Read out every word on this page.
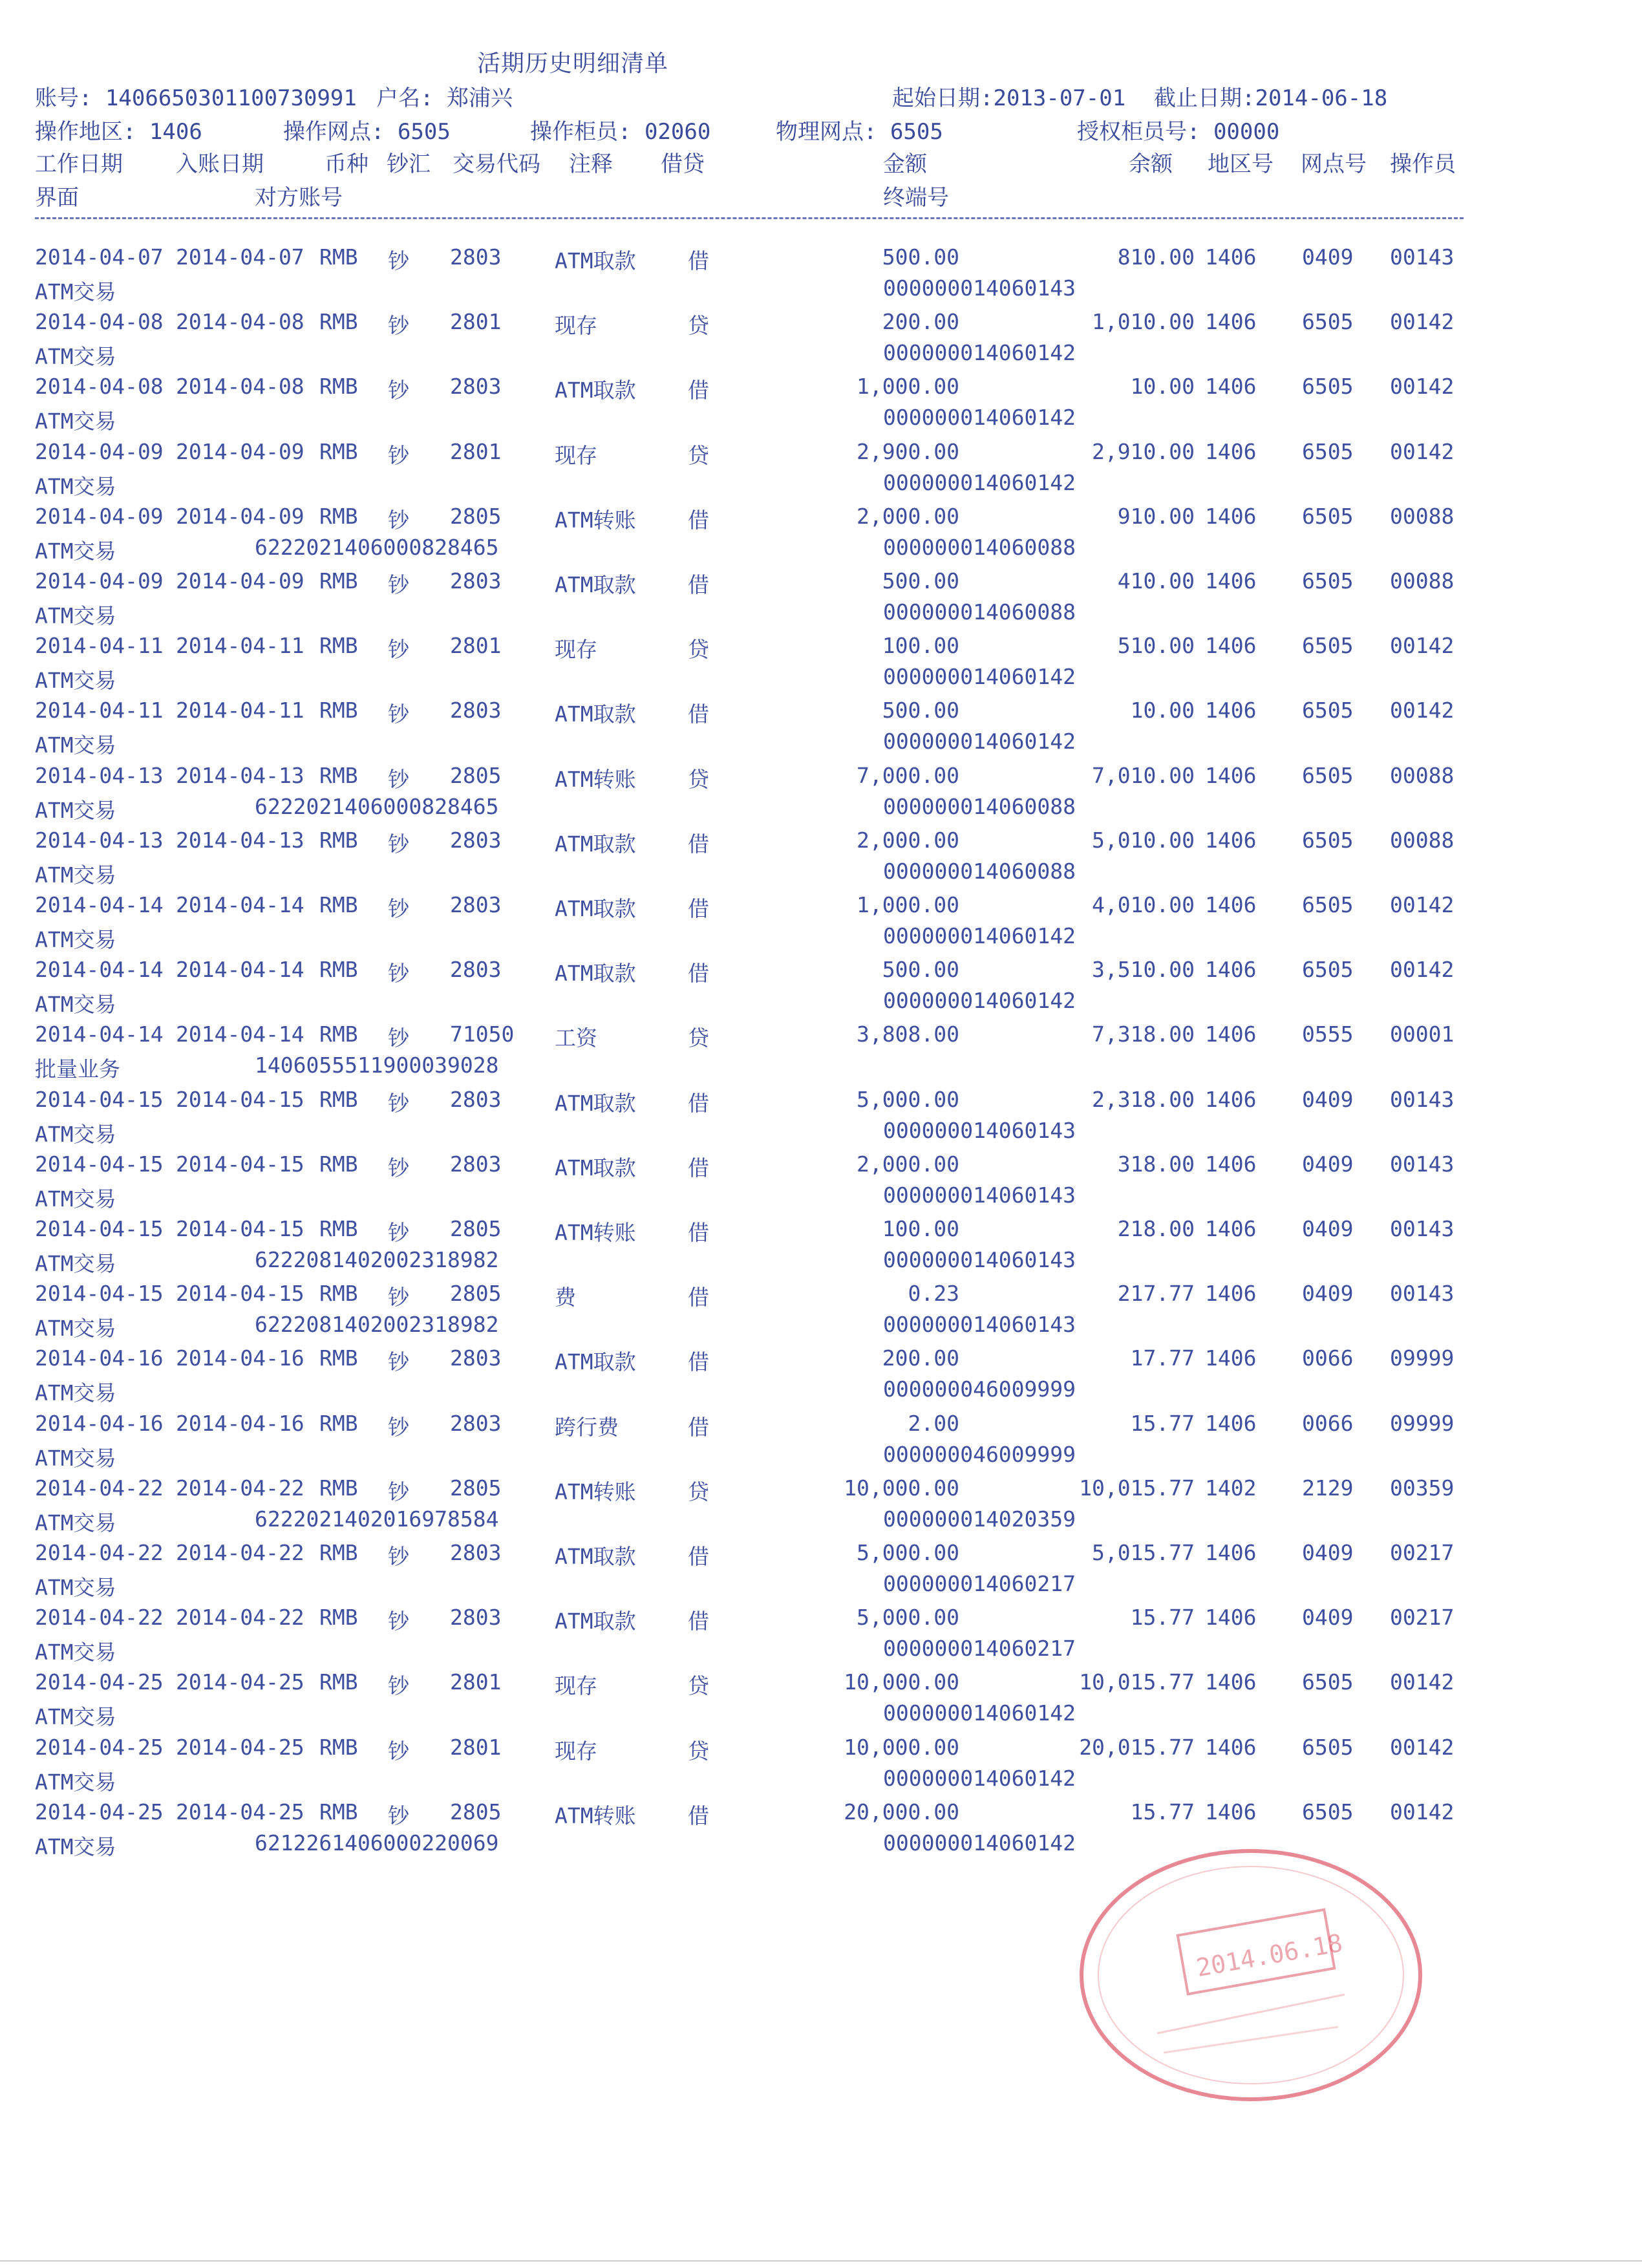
活期历史明细清单
账号: 1406650301100730991 户名: 郑浦兴	起始日期:2013-07-01 截止日期:2014-06-18
操作地区: 1406	操作网点: 6505	操作柜员: 02060	物理网点: 6505	授权柜员号: 00000
工作日期 入账日期	币种 钞汇 交易代码 注释 借贷	金额	余额 地区号 网点号 操作员
界面	对方账号	终端号
2014-04-07 2014-04-07 RMB 钞 2803	ATM取款 借	500.00	810.00 1406 0409 00143
ATM交易	000000014060143
2014-04-08 2014-04-08 RMB 钞 2801	现存	贷	200.00	1,010.00 1406 6505 00142
ATM交易	000000014060142
2014-04-08 2014-04-08 RMB 钞 2803	ATM取款 借	1,000.00	10.00 1406 6505 00142
ATM交易	000000014060142
2014-04-09 2014-04-09 RMB 钞 2801	现存	贷	2,900.00	2,910.00 1406 6505 00142
ATM交易	000000014060142
2014-04-09 2014-04-09 RMB 钞 2805	ATM转账 借	2,000.00	910.00 1406 6505 00088
ATM交易	6222021406000828465	000000014060088
2014-04-09 2014-04-09 RMB 钞 2803	ATM取款 借	500.00	410.00 1406 6505 00088
ATM交易	000000014060088
2014-04-11 2014-04-11 RMB 钞 2801	现存	贷	100.00	510.00 1406 6505 00142
ATM交易	000000014060142
2014-04-11 2014-04-11 RMB 钞 2803	ATM取款 借	500.00	10.00 1406 6505 00142
ATM交易	000000014060142
2014-04-13 2014-04-13 RMB 钞 2805	ATM转账 贷	7,000.00	7,010.00 1406 6505 00088
ATM交易	6222021406000828465	000000014060088
2014-04-13 2014-04-13 RMB 钞 2803	ATM取款 借	2,000.00	5,010.00 1406 6505 00088
ATM交易	000000014060088
2014-04-14 2014-04-14 RMB 钞 2803	ATM取款 借	1,000.00	4,010.00 1406 6505 00142
ATM交易	000000014060142
2014-04-14 2014-04-14 RMB 钞 2803	ATM取款 借	500.00	3,510.00 1406 6505 00142
ATM交易	000000014060142
2014-04-14 2014-04-14 RMB 钞 71050 工资	贷	3,808.00	7,318.00 1406 0555 00001
批量业务	1406055511900039028
2014-04-15 2014-04-15 RMB 钞 2803	ATM取款 借	5,000.00	2,318.00 1406 0409 00143
ATM交易	000000014060143
2014-04-15 2014-04-15 RMB 钞 2803	ATM取款 借	2,000.00	318.00 1406 0409 00143
ATM交易	000000014060143
2014-04-15 2014-04-15 RMB 钞 2805	ATM转账 借	100.00	218.00 1406 0409 00143
ATM交易	6222081402002318982	000000014060143
2014-04-15 2014-04-15 RMB 钞 2805	费	借	0.23	217.77 1406 0409 00143
ATM交易	6222081402002318982	000000014060143
2014-04-16 2014-04-16 RMB 钞 2803	ATM取款 借	200.00	17.77 1406 0066 09999
ATM交易	000000046009999
2014-04-16 2014-04-16 RMB 钞 2803	跨行费	借	2.00	15.77 1406 0066 09999
ATM交易	000000046009999
2014-04-22 2014-04-22 RMB 钞 2805	ATM转账 贷	10,000.00	10,015.77 1402 2129 00359
ATM交易	6222021402016978584	000000014020359
2014-04-22 2014-04-22 RMB 钞 2803	ATM取款 借	5,000.00	5,015.77 1406 0409 00217
ATM交易	000000014060217
2014-04-22 2014-04-22 RMB 钞 2803	ATM取款 借	5,000.00	15.77 1406 0409 00217
ATM交易	000000014060217
2014-04-25 2014-04-25 RMB 钞 2801	现存	贷	10,000.00	10,015.77 1406 6505 00142
ATM交易	000000014060142
2014-04-25 2014-04-25 RMB 钞 2801	现存	贷	10,000.00	20,015.77 1406 6505 00142
ATM交易	000000014060142
2014-04-25 2014-04-25 RMB 钞 2805	ATM转账 借	20,000.00	15.77 1406 6505 00142
ATM交易	6212261406000220069	000000014060142
2014.06.18
